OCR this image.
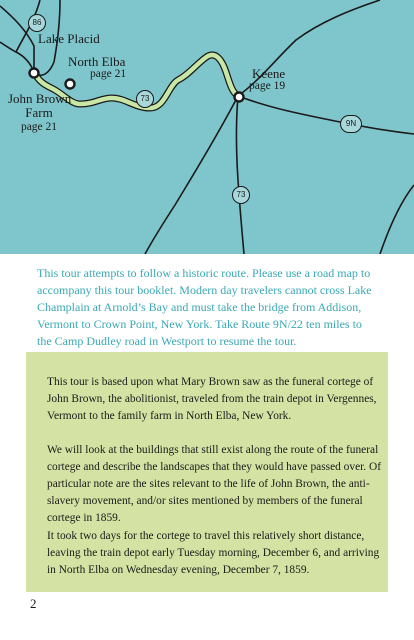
86
73
73
9N
Lake Placid
North Elba
page 21
John Brown
Farm
page 21
Keene
page 19

This tour attempts to follow a historic route. Please use a road map to accompany this tour booklet. Modern day travelers cannot cross Lake Champlain at Arnold’s Bay and must take the bridge from Addison, Vermont to Crown Point, New York. Take Route 9N/22 ten miles to the Camp Dudley road in Westport to resume the tour.

This tour is based upon what Mary Brown saw as the funeral cortege of John Brown, the abolitionist, traveled from the train depot in Vergennes, Vermont to the family farm in North Elba, New York.

We will look at the buildings that still exist along the route of the funeral cortege and describe the landscapes that they would have passed over. Of particular note are the sites relevant to the life of John Brown, the anti-slavery movement, and/or sites mentioned by members of the funeral cortege in 1859.

It took two days for the cortege to travel this relatively short distance, leaving the train depot early Tuesday morning, December 6, and arriving in North Elba on Wednesday evening, December 7, 1859.

2
